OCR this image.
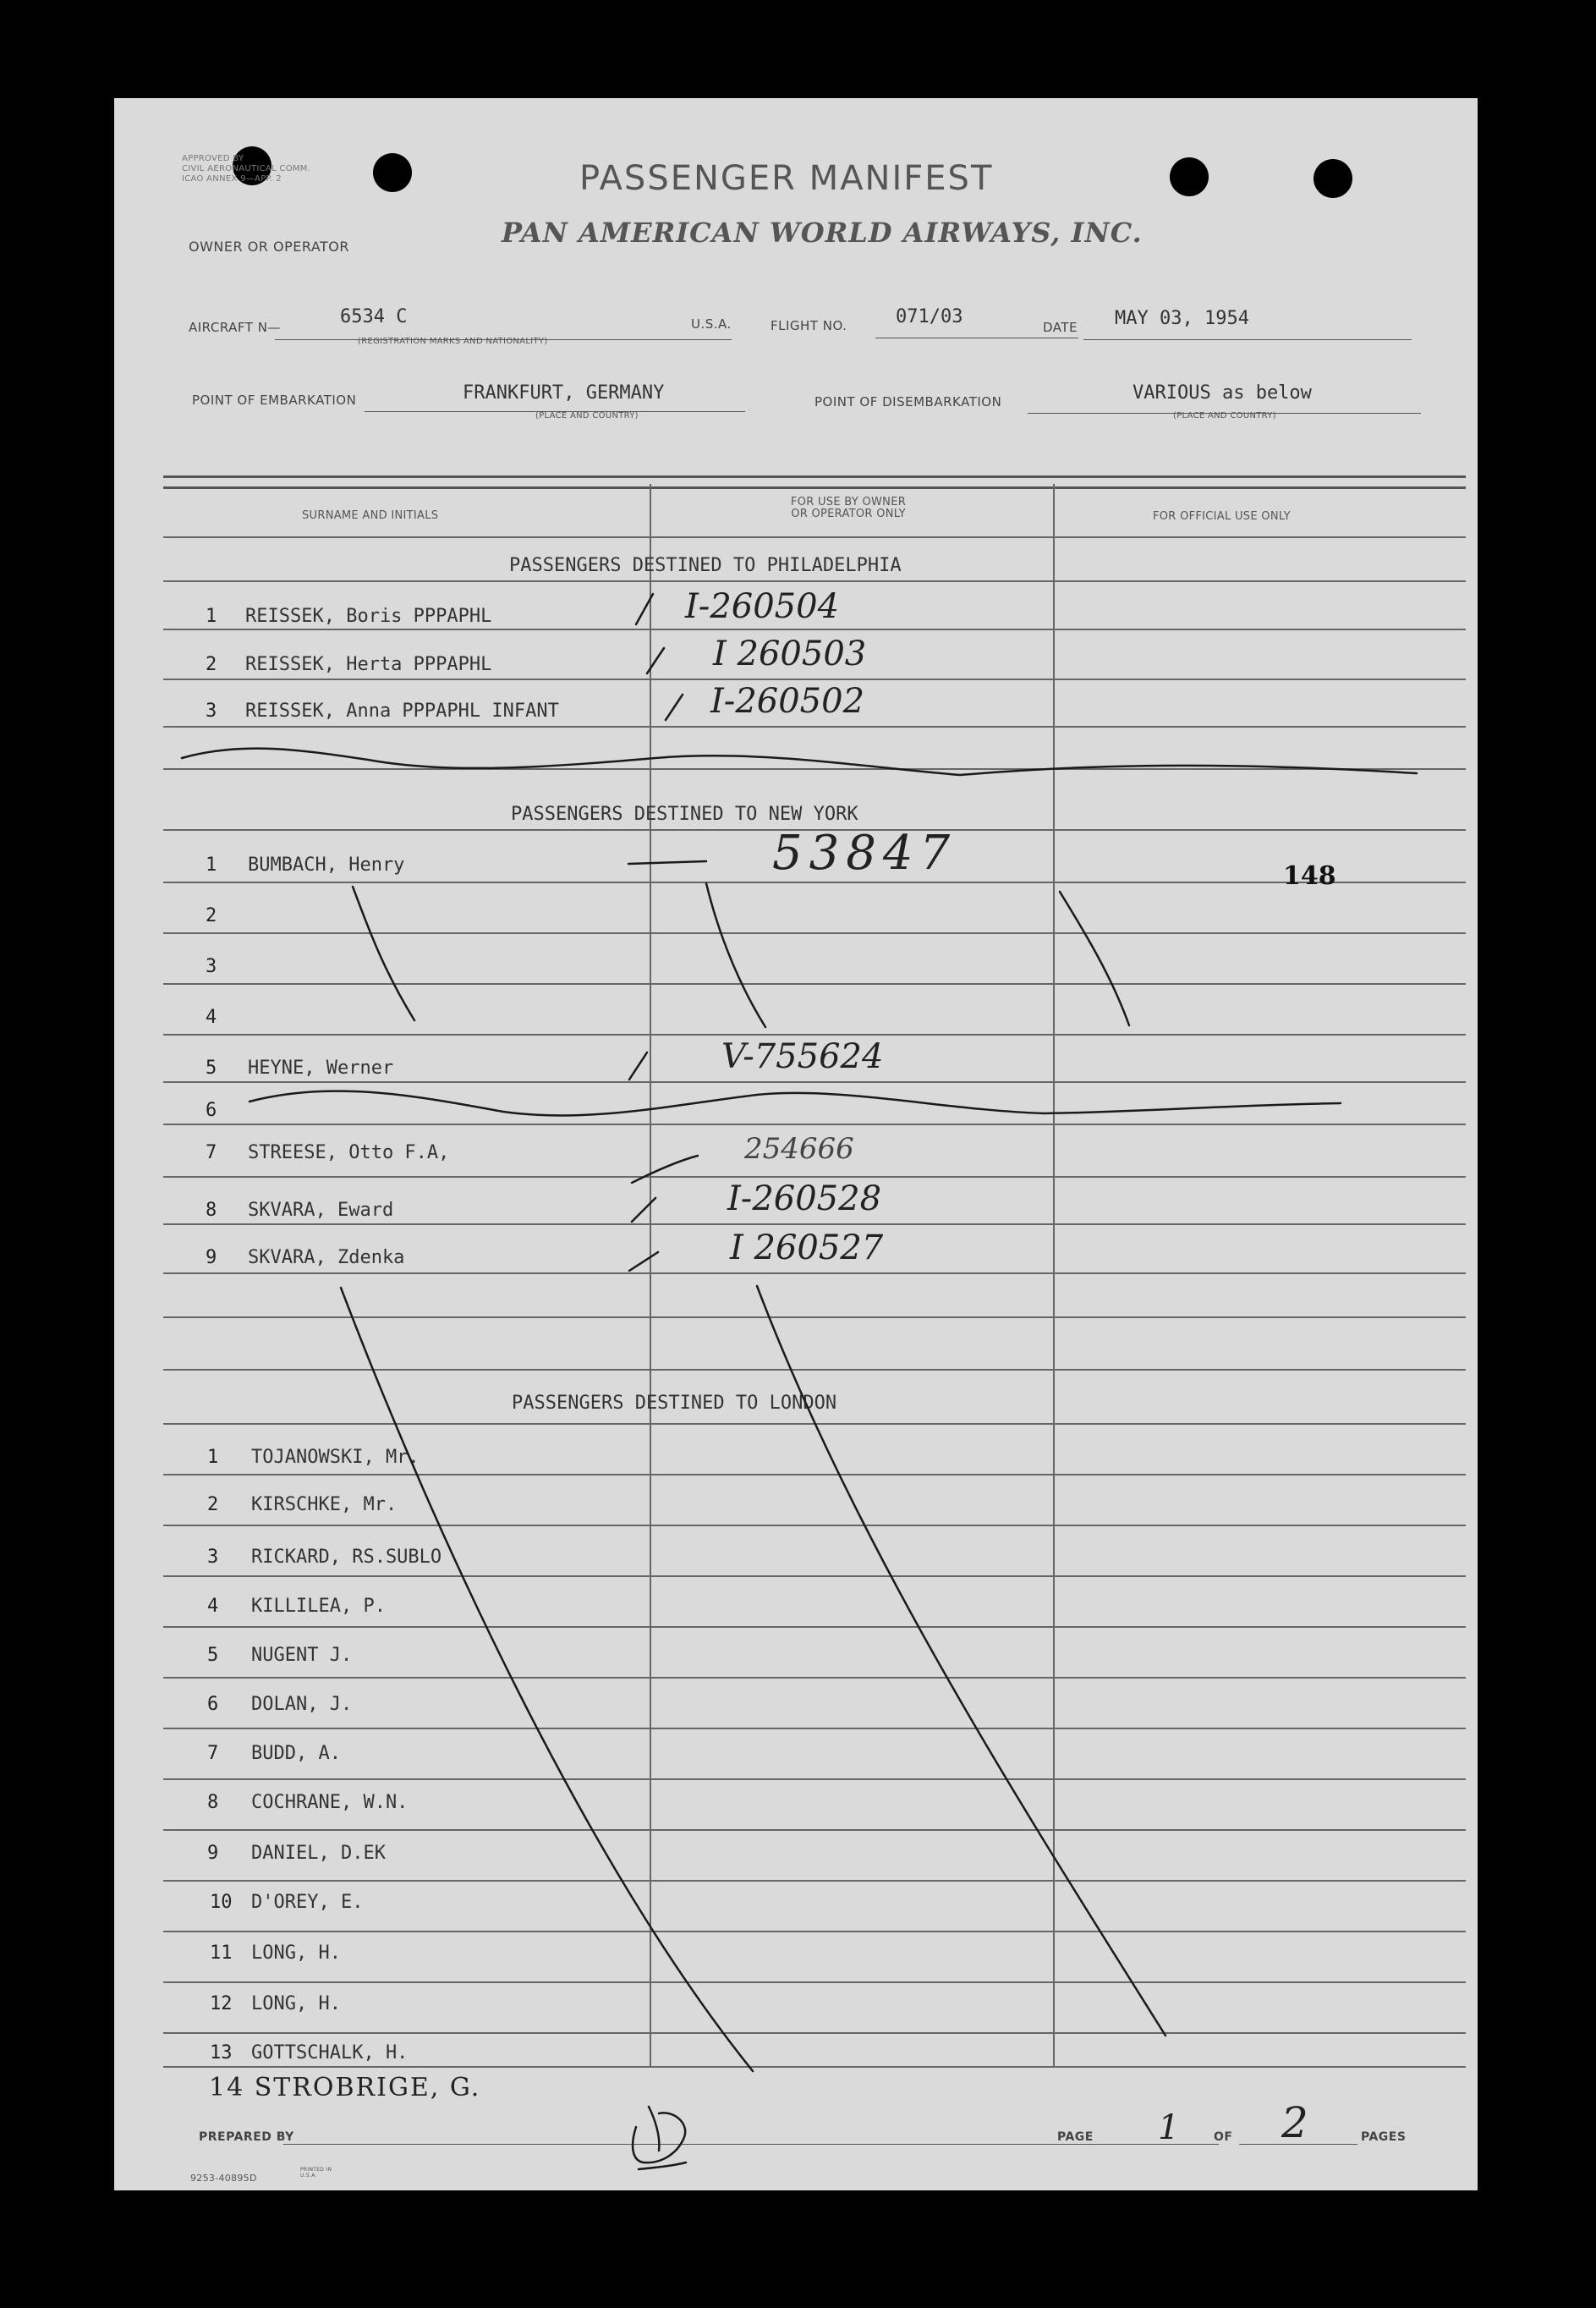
APPROVED BY
CIVIL AERONAUTICAL COMM.
ICAO ANNEX 9—APP. 2	PASSENGER MANIFEST
OWNER OR OPERATOR	PAN AMERICAN WORLD AIRWAYS, INC.
AIRCRAFT N—	6534 C
(REGISTRATION MARKS AND NATIONALITY)
U.S.A.	FLIGHT NO.	071/03	DATE MAY 03, 1954
POINT OF EMBARKATION	FRANKFURT, GERMANY
(PLACE AND COUNTRY)
POINT OF DISEMBARKATION	VARIOUS as below
(PLACE AND COUNTRY)
SURNAME AND INITIALS
FOR USE BY OWNER
OR OPERATOR ONLY	FOR OFFICIAL USE ONLY
PASSENGERS DESTINED TO PHILADELPHIA
PASSENGERS DESTINED TO NEW YORK
PASSENGERS DESTINED TO LONDON
1 REISSEK, Boris PPPAPHL	I-260504
2 REISSEK, Herta PPPAPHL	I 260503
3 REISSEK, Anna PPPAPHL INFANT	I-260502
1 BUMBACH, Henry	53847	148
2
3
4
5 HEYNE, Werner	V-755624
6
7 STREESE, Otto F.A,	254666
8 SKVARA, Eward	I-260528
9 SKVARA, Zdenka	I 260527
1 TOJANOWSKI, Mr.
2 KIRSCHKE, Mr.
3 RICKARD, RS.SUBLO
4 KILLILEA, P.
5 NUGENT J.
6 DOLAN, J.
7 BUDD, A.
8 COCHRANE, W.N.
9 DANIEL, D.EK
10 D'OREY, E.
11 LONG, H.
12 LONG, H.
13 GOTTSCHALK, H.
14 STROBRIGE, G.
PREPARED BY	PAGE 1	OF 2	PAGES
9253-40895D
PRINTED IN U.S.A.
